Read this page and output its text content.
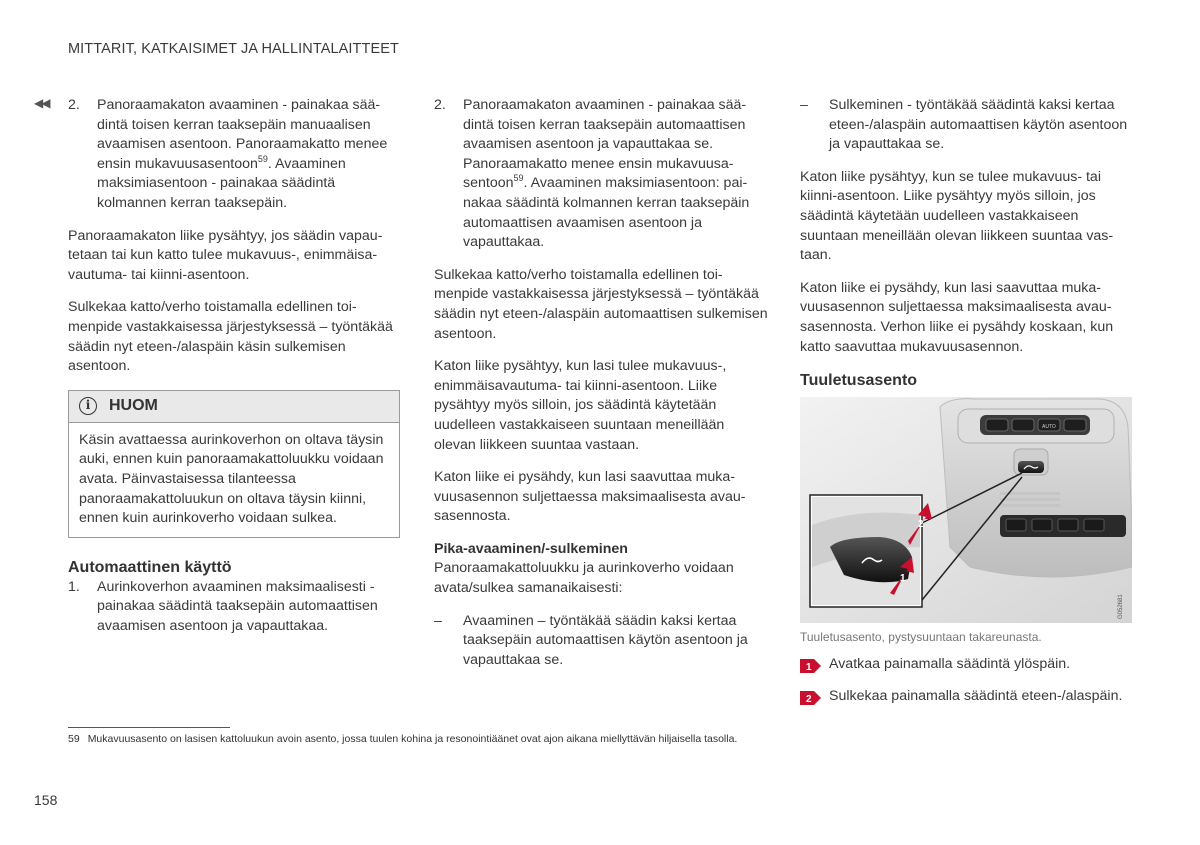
MITTARIT, KATKAISIMET JA HALLINTALAITTEET
◀◀ 2. Panoraamakaton avaaminen - painakaa säädintä toisen kerran taaksepäin manuaalisen avaamisen asentoon. Panoraamakatto menee ensin mukavuusasentoon$^{59}$. Avaaminen maksimiasentoon - painakaa säädintä kolmannen kerran taaksepäin.

Panoraamakaton liike pysähtyy, jos säädin vapautetaan tai kun katto tulee mukavuus-, enimmäisavautuma- tai kiinni-asentoon.

Sulkekaa katto/verho toistamalla edellinen toimenpide vastakkaisessa järjestyksessä – työntäkää säädin nyt eteen-/alaspäin käsin sulkemisen asentoon.

i	HUOM
Käsin avattaessa aurinkoverhon on oltava täysin auki, ennen kuin panoraamakattoluukku voidaan avata. Päinvastaisessa tilanteessa panoraamakattoluukun on oltava täysin kiinni, ennen kuin aurinkoverho voidaan sulkea.
Automaattinen käyttö
1. Aurinkoverhon avaaminen maksimaalisesti - painakaa säädintä taaksepäin automaattisen avaamisen asentoon ja vapauttakaa.
2. Panoraamakaton avaaminen - painakaa säädintä toisen kerran taaksepäin automaattisen avaamisen asentoon ja vapauttakaa se. Panoraamakatto menee ensin mukavuusasentoon$^{59}$. Avaaminen maksimiasentoon: painakaa säädintä kolmannen kerran taaksepäin automaattisen avaamisen asentoon ja vapauttakaa.

Sulkekaa katto/verho toistamalla edellinen toimenpide vastakkaisessa järjestyksessä – työntäkää säädin nyt eteen-/alaspäin automaattisen sulkemisen asentoon.

Katon liike pysähtyy, kun lasi tulee mukavuus-, enimmäisavautuma- tai kiinni-asentoon. Liike pysähtyy myös silloin, jos säädintä käytetään uudelleen vastakkaiseen suuntaan meneillään olevan liikkeen suuntaa vastaan.

Katon liike ei pysähdy, kun lasi saavuttaa mukavuusasennon suljettaessa maksimaalisesta avausasennosta.

Pika-avaaminen/-sulkeminen

Panoraamakattoluukku ja aurinkoverho voidaan avata/sulkea samanaikaisesti:

– Avaaminen – työntäkää säädin kaksi kertaa taaksepäin automaattisen käytön asentoon ja vapauttakaa se.
– Sulkeminen - työntäkää säädintä kaksi kertaa eteen-/alaspäin automaattisen käytön asentoon ja vapauttakaa se.

Katon liike pysähtyy, kun se tulee mukavuus- tai kiinni-asentoon. Liike pysähtyy myös silloin, jos säädintä käytetään uudelleen vastakkaiseen suuntaan meneillään olevan liikkeen suuntaa vastaan.

Katon liike ei pysähdy, kun lasi saavuttaa mukavuusasennon suljettaessa maksimaalisesta avausasennosta. Verhon liike ei pysähdy koskaan, kun katto saavuttaa mukavuusasennon.

Tuuletusasento
AUTO
2
1
G052681
Tuuletusasento, pystysuuntaan takareunasta.
1 Avatkaa painamalla säädintä ylöspäin.
2 Sulkekaa painamalla säädintä eteen-/alaspäin.
59 Mukavuusasento on lasisen kattoluukun avoin asento, jossa tuulen kohina ja resonointiäänet ovat ajon aikana miellyttävän hiljaisella tasolla.
158
